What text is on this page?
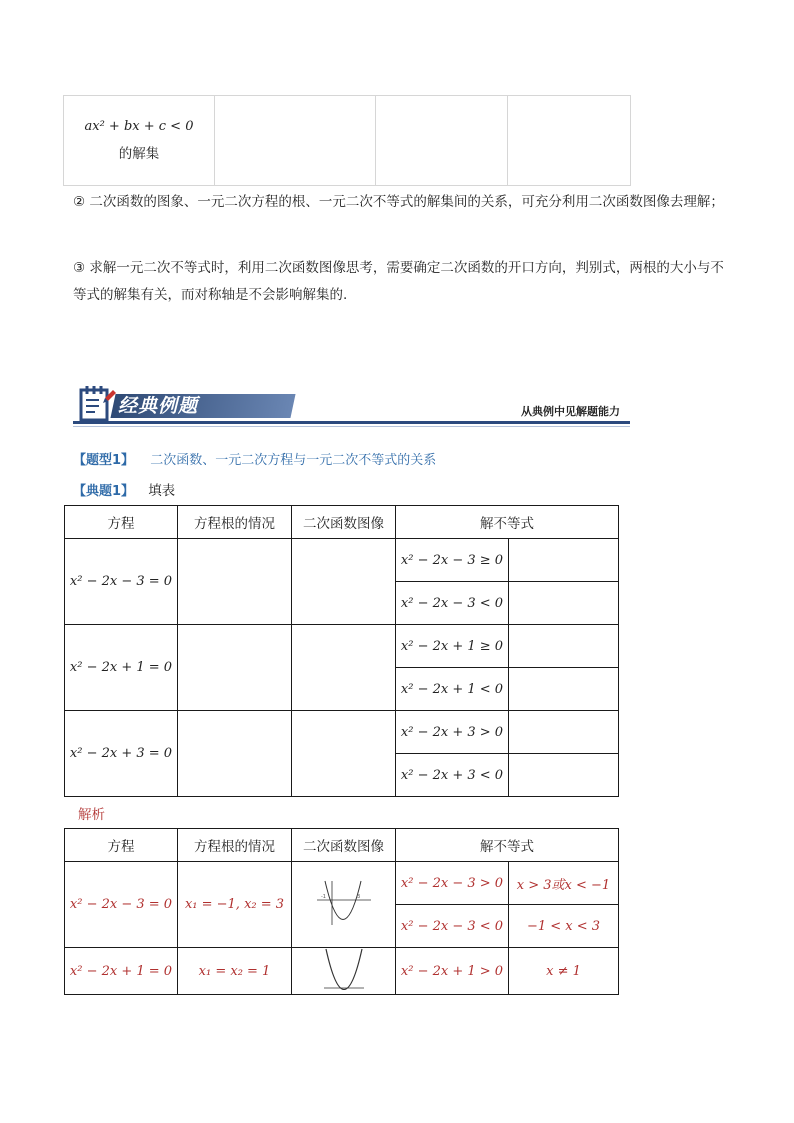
ax² + bx + c < 0
的解集

② 二次函数的图象、一元二次方程的根、一元二次不等式的解集间的关系，可充分利用二次函数图像去理解；
③ 求解一元二次不等式时，利用二次函数图像思考，需要确定二次函数的开口方向，判别式，两根的大小与不等式的解集有关，而对称轴是不会影响解集的.
经典例题	从典例中见解题能力
【题型1】 二次函数、一元二次方程与一元二次不等式的关系
【典题1】 填表
方程	方程根的情况	二次函数图像	解不等式	
x² − 2x − 3 = 0			x² − 2x − 3 ≥ 0	
			x² − 2x − 3 < 0	
x² − 2x + 1 = 0			x² − 2x + 1 ≥ 0	
			x² − 2x + 1 < 0	
x² − 2x + 3 = 0			x² − 2x + 3 > 0	
			x² − 2x + 3 < 0	
解析
方程	方程根的情况	二次函数图像	解不等式	
x² − 2x − 3 = 0	x₁ = −1, x₂ = 3	-1 3	x² − 2x − 3 > 0	x > 3或x < −1
			x² − 2x − 3 < 0	−1 < x < 3
x² − 2x + 1 = 0	x₁ = x₂ = 1		x² − 2x + 1 > 0	x ≠ 1
